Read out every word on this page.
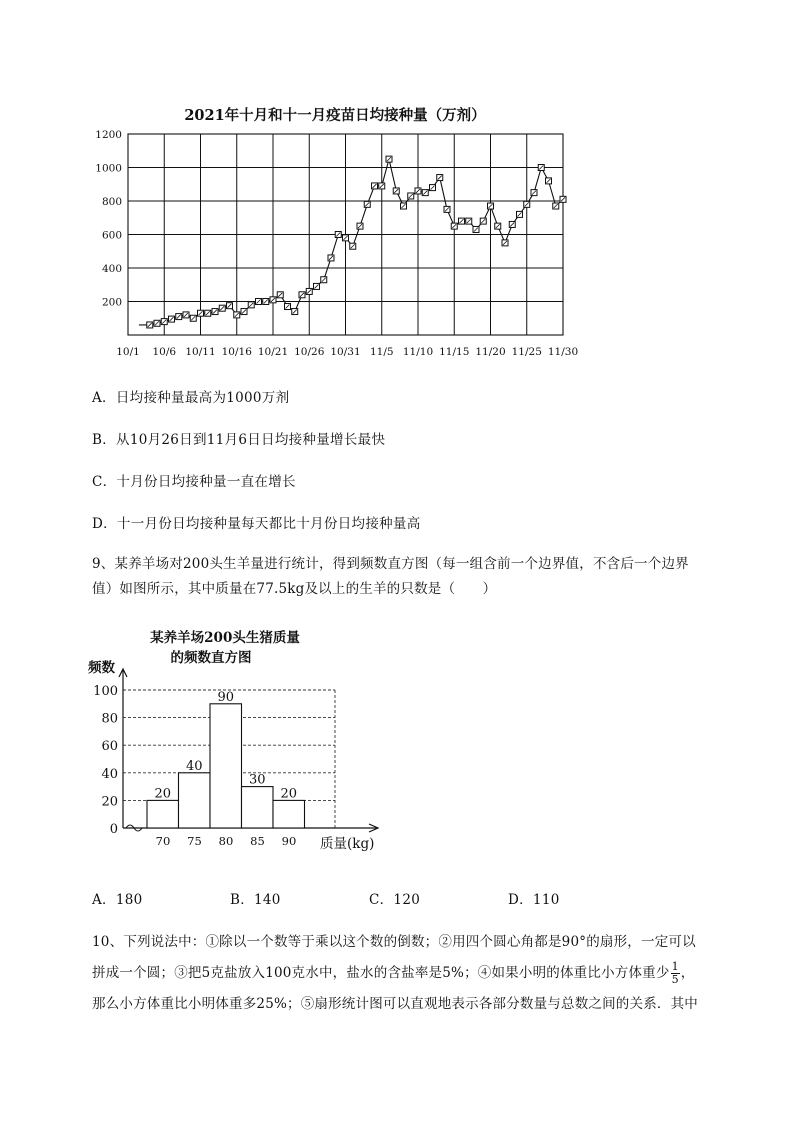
2021年十月和十一月疫苗日均接种量（万剂）
200
400
600
800
1000
1200
10/1 10/6 10/11 10/16 10/21 10/26 10/31 11/5 11/10 11/15 11/20 11/25 11/30
A．日均接种量最高为1000万剂
B．从10月26日到11月6日日均接种量增长最快
C．十月份日均接种量一直在增长
D．十一月份日均接种量每天都比十月份日均接种量高
9、某养羊场对200头生羊量进行统计，得到频数直方图（每一组含前一个边界值，不含后一个边界
值）如图所示，其中质量在77.5kg及以上的生羊的只数是（　　）
某养羊场200头生猪质量
的频数直方图
频数
质量(kg)
20
40
90
30
20
0
20
40
60
80
100
70 75 80 85 90
A．180	B．140	C．120	D．110
10、下列说法中：①除以一个数等于乘以这个数的倒数；②用四个圆心角都是90°的扇形，一定可以
拼成一个圆；③把5克盐放入100克水中，盐水的含盐率是5%；④如果小明的体重比小方体重少 $\frac{1}{5}$ ，
那么小方体重比小明体重多25%；⑤扇形统计图可以直观地表示各部分数量与总数之间的关系．其中
